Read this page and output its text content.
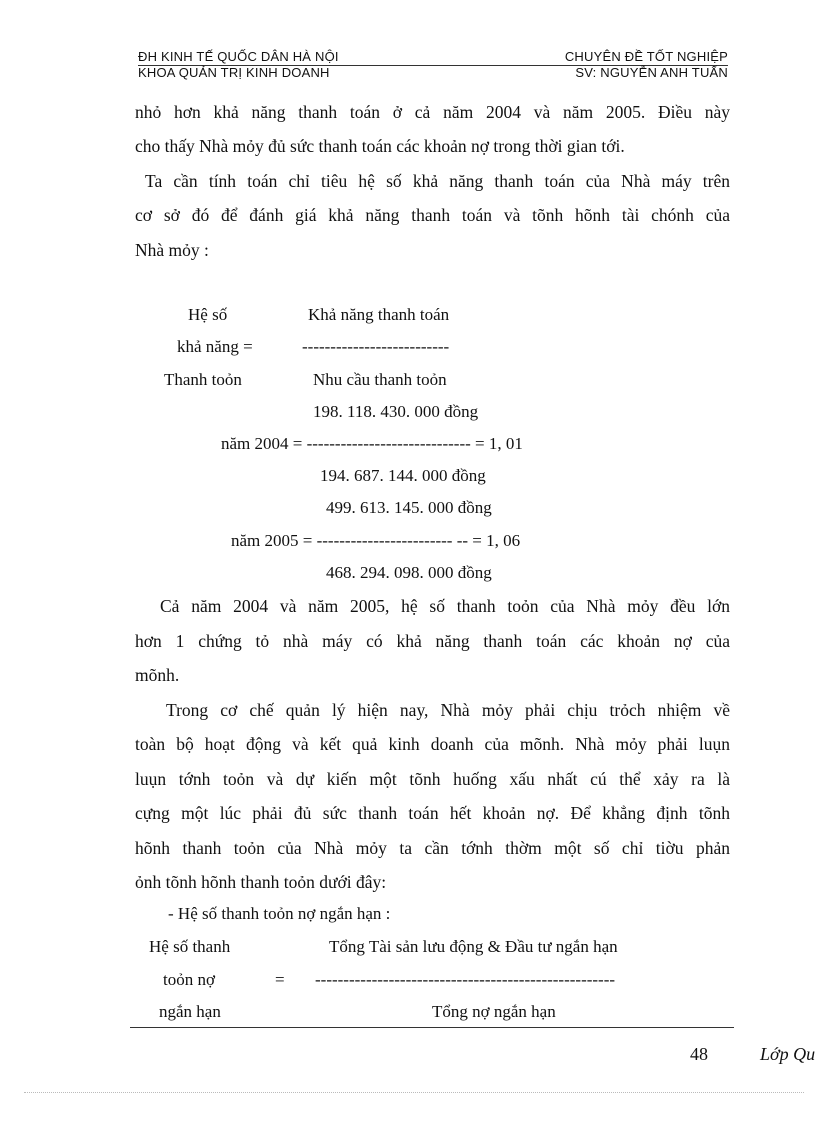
ĐH KINH TẾ QUỐC DÂN HÀ NỘI	CHUYÊN ĐỀ TỐT NGHIỆP
KHOA QUẢN TRỊ KINH DOANH	SV: NGUYỄN ANH TUẤN

nhỏ hơn khả năng thanh toán ở cả năm 2004 và năm 2005. Điều này

cho thấy Nhà mỏy đủ sức thanh toán các khoản nợ trong thời gian tới.

Ta cần tính toán chỉ tiêu hệ số khả năng thanh toán của Nhà máy trên

cơ sở đó để đánh giá khả năng thanh toán và tõnh hõnh tài chónh của

Nhà mỏy :

Hệ số	Khả năng thanh toán
khả năng =	--------------------------
Thanh toỏn	Nhu cầu thanh toỏn
198. 118. 430. 000 đồng
năm 2004 = ----------------------------- = 1, 01
194. 687. 144. 000 đồng
499. 613. 145. 000 đồng
năm 2005 = ------------------------ -- = 1, 06
468. 294. 098. 000 đồng

Cả năm 2004 và năm 2005, hệ số thanh toỏn của Nhà mỏy đều lớn

hơn 1 chứng tỏ nhà máy có khả năng thanh toán các khoản nợ của

mõnh.

Trong cơ chế quản lý hiện nay, Nhà mỏy phải chịu trỏch nhiệm về

toàn bộ hoạt động và kết quả kinh doanh của mõnh. Nhà mỏy phải luụn

luụn tớnh toỏn và dự kiến một tõnh huống xấu nhất cú thể xảy ra là

cựng một lúc phải đủ sức thanh toán hết khoản nợ. Để khẳng định tõnh

hõnh thanh toỏn của Nhà mỏy ta cần tớnh thờm một số chỉ tiờu phản

ỏnh tõnh hõnh thanh toỏn dưới đây:

- Hệ số thanh toỏn nợ ngắn hạn :
Hệ số thanh	Tổng Tài sản lưu động & Đầu tư ngắn hạn
toỏn nợ	= -----------------------------------------------------
ngắn hạn	Tổng nợ ngắn hạn
48	Lớp Qu
